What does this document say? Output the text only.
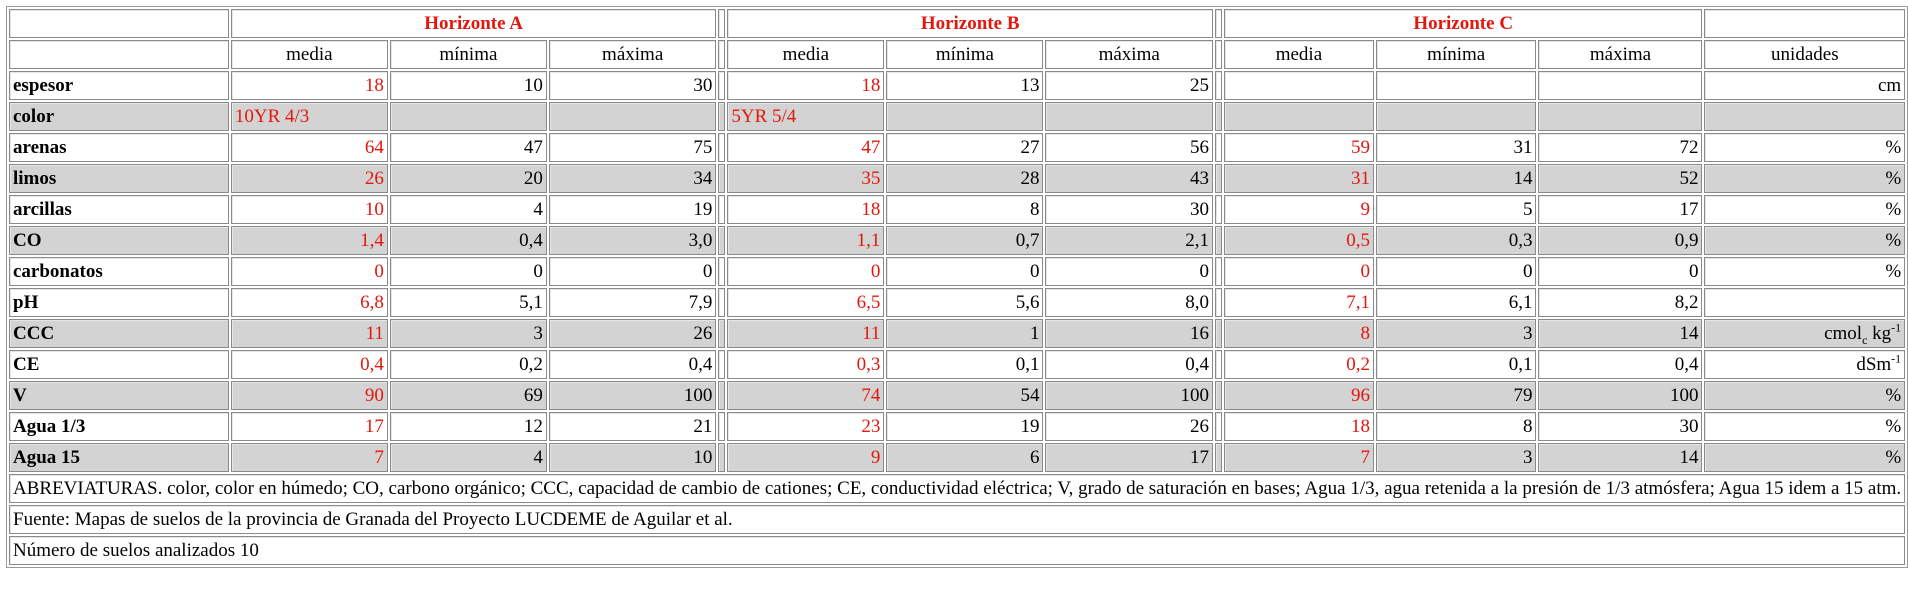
	Horizonte A				Horizonte B				Horizonte C			
	media	mínima	máxima		media	mínima	máxima		media	mínima	máxima	unidades
espesor	18	10	30		18	13	25					cm
color	10YR 4/3				5YR 5/4							
arenas	64	47	75		47	27	56		59	31	72	%
limos	26	20	34		35	28	43		31	14	52	%
arcillas	10	4	19		18	8	30		9	5	17	%
CO	1,4	0,4	3,0		1,1	0,7	2,1		0,5	0,3	0,9	%
carbonatos	0	0	0		0	0	0		0	0	0	%
pH	6,8	5,1	7,9		6,5	5,6	8,0		7,1	6,1	8,2	
CCC	11	3	26		11	1	16		8	3	14	cmol$_c$ $kg^{-1}$
CE	0,4	0,2	0,4		0,3	0,1	0,4		0,2	0,1	0,4	dSm$^{-1}$
V	90	69	100		74	54	100		96	79	100	%
Agua 1/3	17	12	21		23	19	26		18	8	30	%
Agua 15	7	4	10		9	6	17		7	3	14	%
ABREVIATURAS. color, color en húmedo; CO, carbono orgánico; CCC, capacidad de cambio de cationes; CE, conductividad eléctrica; V, grado de saturación en bases; Agua 1/3, agua retenida a la presión de 1/3 atmósfera; Agua 15 idem a 15 atm.												
Fuente: Mapas de suelos de la provincia de Granada del Proyecto LUCDEME de Aguilar et al.												
Número de suelos analizados 10												
